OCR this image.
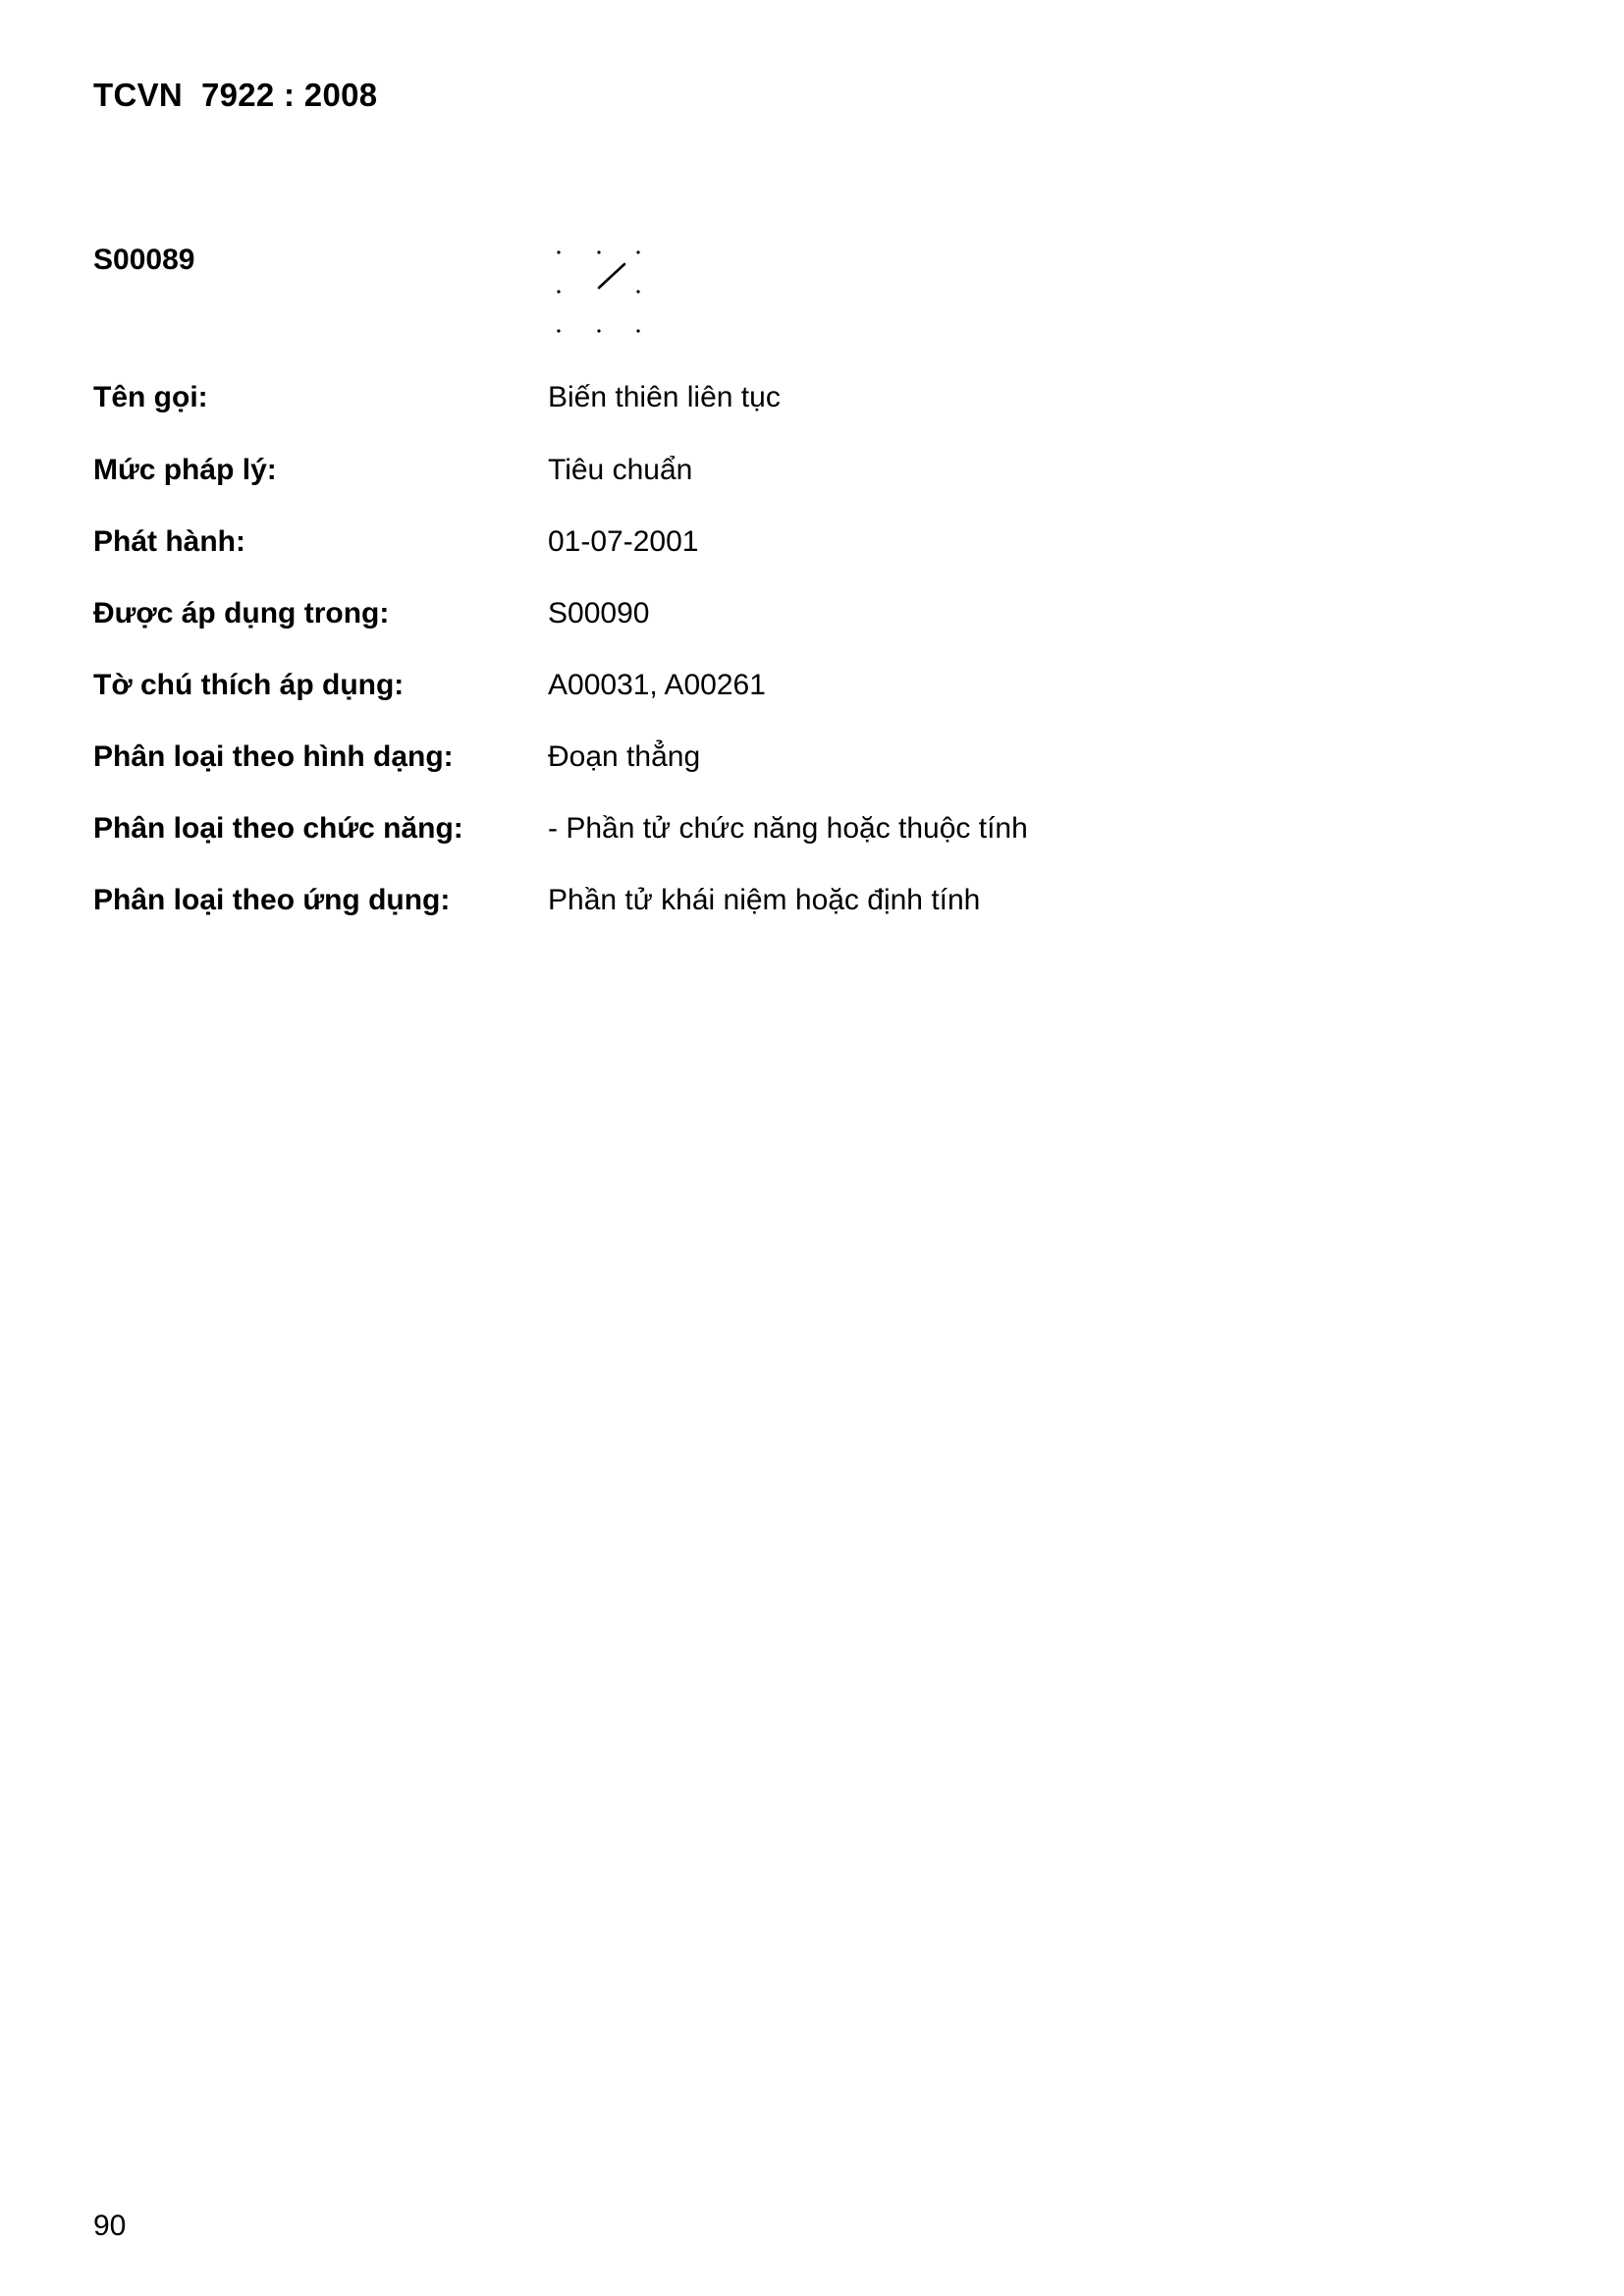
TCVN  7922 : 2008
S00089
Tên gọi:	Biến thiên liên tục
Mức pháp lý:	Tiêu chuẩn
Phát hành:	01-07-2001
Được áp dụng trong:	S00090
Tờ chú thích áp dụng:	A00031, A00261
Phân loại theo hình dạng:	Đoạn thẳng
Phân loại theo chức năng:	- Phần tử chức năng hoặc thuộc tính
Phân loại theo ứng dụng:	Phần tử khái niệm hoặc định tính
90
